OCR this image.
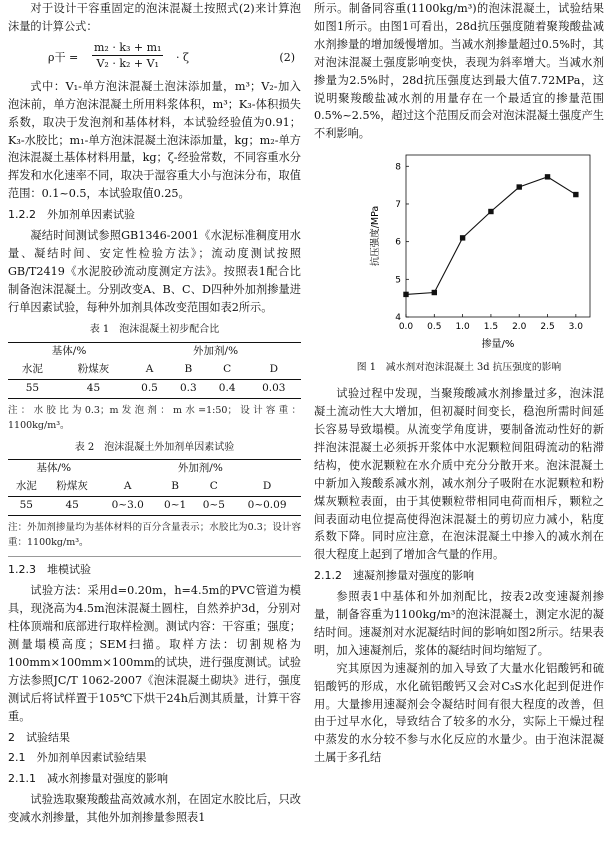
对于设计干容重固定的泡沫混凝土按照式(2)来计算泡沫量的计算公式：

ρ干 = $\frac{\text{m₂ · k₃ + m₁}}{\text{V₂ · k₂ + V₁}} \cdot \zeta$	(2)

式中：V₁-单方泡沫混凝土泡沫添加量，m³；V₂-加入泡沫前，单方泡沫混凝土所用料浆体积，m³；K₃-体积损失系数，取决于发泡剂和基体材料，本试验经验值为0.91；K₃-水胶比；m₁-单方泡沫混凝土泡沫添加量，kg；m₂-单方泡沫混凝土基体材料用量，kg；ζ-经验常数，不同容重水分挥发和水化速率不同，取决于湿容重大小与泡沫分布，取值范围：0.1~0.5，本试验取值0.25。

1.2.2　外加剂单因素试验

凝结时间测试参照GB1346-2001《水泥标准稠度用水量、凝结时间、安定性检验方法》；流动度测试按照GB/T2419《水泥胶砂流动度测定方法》。按照表1配合比制备泡沫混凝土。分别改变A、B、C、D四种外加剂掺量进行单因素试验，每种外加剂具体改变范围如表2所示。

表 1　泡沫混凝土初步配合比
基体/%		外加剂/%			
水泥	粉煤灰	A	B	C	D
55	45	0.5	0.3	0.4	0.03
注：水胶比为0.3；m发泡剂：m水=1:50；设计容重：1100kg/m³。
表 2　泡沫混凝土外加剂单因素试验
基体/%		外加剂/%			
水泥	粉煤灰	A	B	C	D
55	45	0~3.0	0~1	0~5	0~0.09
注：外加剂掺量均为基体材料的百分含量表示；水胶比为0.3；设计容重：1100kg/m³。
1.2.3　堆模试验

试验方法：采用d=0.20m，h=4.5m的PVC管道为模具，现浇高为4.5m泡沫混凝土圆柱，自然养护3d，分别对柱体顶端和底部进行取样检测。测试内容：干容重；强度；测量塌模高度；SEM扫描。取样方法：切割规格为100mm×100mm×100mm的试块，进行强度测试。试验方法参照JC/T 1062-2007《泡沫混凝土砌块》进行，强度测试后将试样置于105℃下烘干24h后测其质量，计算干容重。

2　试验结果
2.1　外加剂单因素试验结果
2.1.1　减水剂掺量对强度的影响

试验选取聚羧酸盐高效减水剂，在固定水胶比后，只改变减水剂掺量，其他外加剂掺量参照表1

所示。制备同容重(1100kg/m³)的泡沫混凝土，试验结果如图1所示。由图1可看出，28d抗压强度随着聚羧酸盐减水剂掺量的增加缓慢增加。当减水剂掺量超过0.5%时，其对泡沫混凝土强度影响变快，表现为斜率增大。当减水剂掺量为2.5%时，28d抗压强度达到最大值7.72MPa，这说明聚羧酸盐减水剂的用量存在一个最适宜的掺量范围0.5%~2.5%，超过这个范围反而会对泡沫混凝土强度产生不利影响。

0.0 0.5 1.0 1.5 2.0 2.5 3.0
4
5
6
7
8
掺量/%
抗压强度/MPa
图 1　减水剂对泡沫混凝土 3d 抗压强度的影响

试验过程中发现，当聚羧酸减水剂掺量过多，泡沫混凝土流动性大大增加，但初凝时间变长，稳泡所需时间延长容易导致塌模。从流变学角度讲，要制备流动性好的新拌泡沫混凝土必须拆开浆体中水泥颗粒间阻碍流动的粘滞结构，使水泥颗粒在水介质中充分分散开来。泡沫混凝土中新加入羧酸系减水剂，减水剂分子吸附在水泥颗粒和粉煤灰颗粒表面，由于其使颗粒带相同电荷而相斥，颗粒之间表面动电位提高使得泡沫混凝土的剪切应力减小，粘度系数下降。同时应注意，在泡沫混凝土中掺入的减水剂在很大程度上起到了增加含气量的作用。

2.1.2　速凝剂掺量对强度的影响

参照表1中基体和外加剂配比，按表2改变速凝剂掺量，制备容重为1100kg/m³的泡沫混凝土，测定水泥的凝结时间。速凝剂对水泥凝结时间的影响如图2所示。结果表明，加入速凝剂后，浆体的凝结时间均缩短了。

究其原因为速凝剂的加入导致了大量水化铝酸钙和硫铝酸钙的形成，水化硫铝酸钙又会对C₃S水化起到促进作用。大量掺用速凝剂会令凝结时间有很大程度的改善，但由于过早水化，导致结合了较多的水分，实际上干燥过程中蒸发的水分较不参与水化反应的水量少。由于泡沫混凝土属于多孔结
